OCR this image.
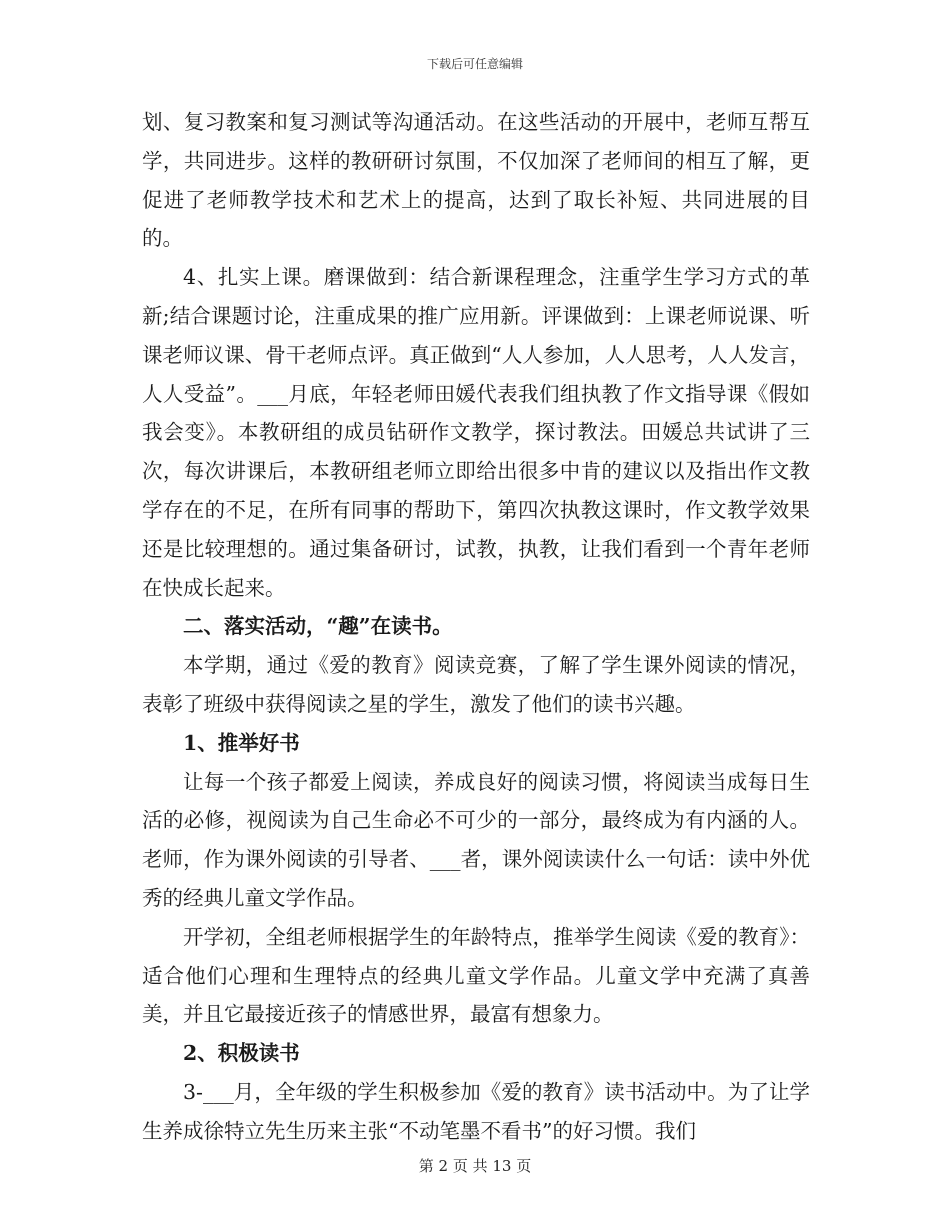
下载后可任意编辑

划、复习教案和复习测试等沟通活动。在这些活动的开展中，老师互帮互学，共同进步。这样的教研研讨氛围，不仅加深了老师间的相互了解，更促进了老师教学技术和艺术上的提高，达到了取长补短、共同进展的目的。

4、扎实上课。磨课做到：结合新课程理念，注重学生学习方式的革新;结合课题讨论，注重成果的推广应用新。评课做到：上课老师说课、听课老师议课、骨干老师点评。真正做到“人人参加，人人思考，人人发言，人人受益”。___月底，年轻老师田媛代表我们组执教了作文指导课《假如我会变》。本教研组的成员钻研作文教学，探讨教法。田媛总共试讲了三次，每次讲课后，本教研组老师立即给出很多中肯的建议以及指出作文教学存在的不足，在所有同事的帮助下，第四次执教这课时，作文教学效果还是比较理想的。通过集备研讨，试教，执教，让我们看到一个青年老师在快成长起来。

二、落实活动，“趣”在读书。

本学期，通过《爱的教育》阅读竞赛，了解了学生课外阅读的情况，表彰了班级中获得阅读之星的学生，激发了他们的读书兴趣。

1、推举好书

让每一个孩子都爱上阅读，养成良好的阅读习惯，将阅读当成每日生活的必修，视阅读为自己生命必不可少的一部分，最终成为有内涵的人。老师，作为课外阅读的引导者、___者，课外阅读读什么一句话：读中外优秀的经典儿童文学作品。

开学初，全组老师根据学生的年龄特点，推举学生阅读《爱的教育》：适合他们心理和生理特点的经典儿童文学作品。儿童文学中充满了真善美，并且它最接近孩子的情感世界，最富有想象力。

2、积极读书

3-___月，全年级的学生积极参加《爱的教育》读书活动中。为了让学生养成徐特立先生历来主张“不动笔墨不看书”的好习惯。我们

第 2 页 共 13 页
